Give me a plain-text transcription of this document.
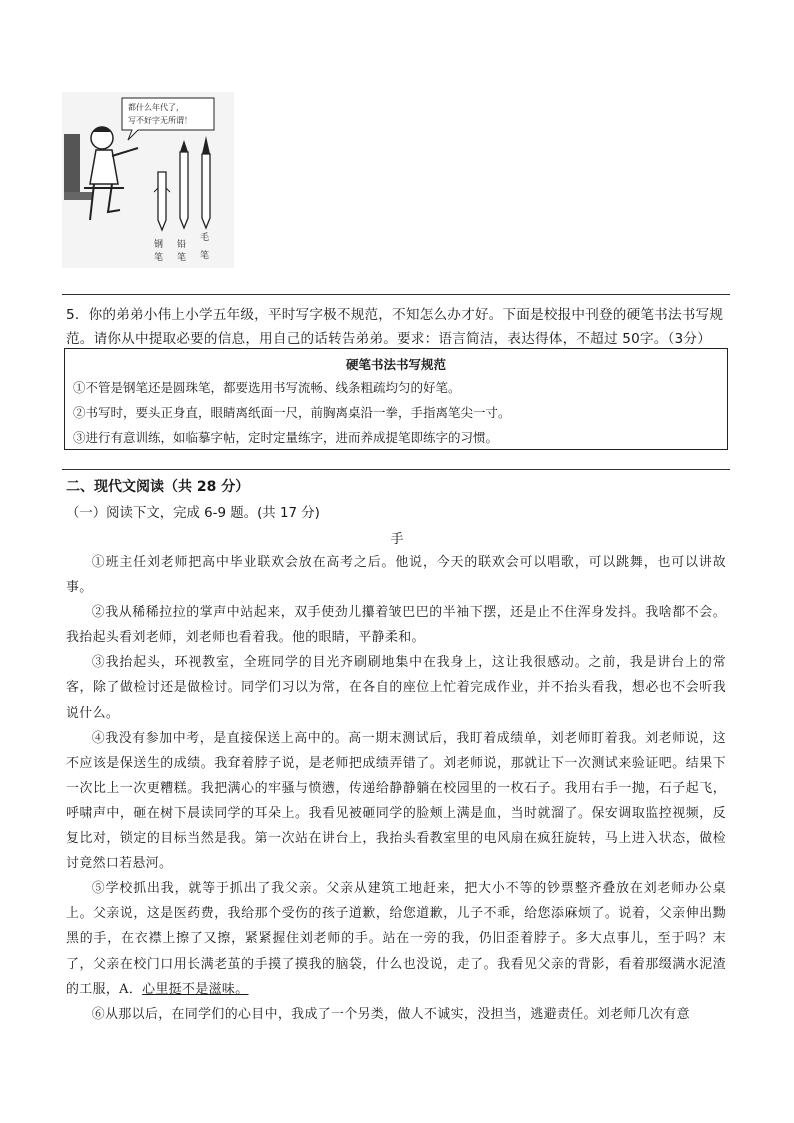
都什么年代了，
写不好字无所谓！
钢
笔
铅
笔
毛
笔
5．你的弟弟小伟上小学五年级，平时写字极不规范，不知怎么办才好。下面是校报中刊登的硬笔书法书写规范。请你从中提取必要的信息，用自己的话转告弟弟。要求：语言简洁，表达得体，不超过 50字。（3分）
硬笔书法书写规范
①不管是钢笔还是圆珠笔，都要选用书写流畅、线条粗疏均匀的好笔。
②书写时，要头正身直，眼睛离纸面一尺，前胸离桌沿一拳，手指离笔尖一寸。
③进行有意训练，如临摹字帖，定时定量练字，进而养成提笔即练字的习惯。
二、现代文阅读（共 28 分）
（一）阅读下文，完成 6-9 题。(共 17 分)
手

①班主任刘老师把高中毕业联欢会放在高考之后。他说，今天的联欢会可以唱歌，可以跳舞，也可以讲故事。

②我从稀稀拉拉的掌声中站起来，双手使劲儿攥着皱巴巴的半袖下摆，还是止不住浑身发抖。我啥都不会。我抬起头看刘老师，刘老师也看着我。他的眼睛，平静柔和。

③我抬起头，环视教室，全班同学的目光齐刷刷地集中在我身上，这让我很感动。之前，我是讲台上的常客，除了做检讨还是做检讨。同学们习以为常，在各自的座位上忙着完成作业，并不抬头看我，想必也不会听我说什么。

④我没有参加中考，是直接保送上高中的。高一期末测试后，我盯着成绩单，刘老师盯着我。刘老师说，这不应该是保送生的成绩。我耷着脖子说，是老师把成绩弄错了。刘老师说，那就让下一次测试来验证吧。结果下一次比上一次更糟糕。我把满心的牢骚与愤懑，传递给静静躺在校园里的一枚石子。我用右手一抛，石子起飞，呼啸声中，砸在树下晨读同学的耳朵上。我看见被砸同学的脸颊上满是血，当时就溜了。保安调取监控视频，反复比对，锁定的目标当然是我。第一次站在讲台上，我抬头看教室里的电风扇在疯狂旋转，马上进入状态，做检讨竟然口若悬河。

⑤学校抓出我，就等于抓出了我父亲。父亲从建筑工地赶来，把大小不等的钞票整齐叠放在刘老师办公桌上。父亲说，这是医药费，我给那个受伤的孩子道歉，给您道歉，儿子不乖，给您添麻烦了。说着，父亲伸出黝黑的手，在衣襟上擦了又擦，紧紧握住刘老师的手。站在一旁的我，仍旧歪着脖子。多大点事儿，至于吗？末了，父亲在校门口用长满老茧的手摸了摸我的脑袋，什么也没说，走了。我看见父亲的背影，看着那缀满水泥渣的工服，A．心里挺不是滋味。

⑥从那以后，在同学们的心目中，我成了一个另类，做人不诚实，没担当，逃避责任。刘老师几次有意
